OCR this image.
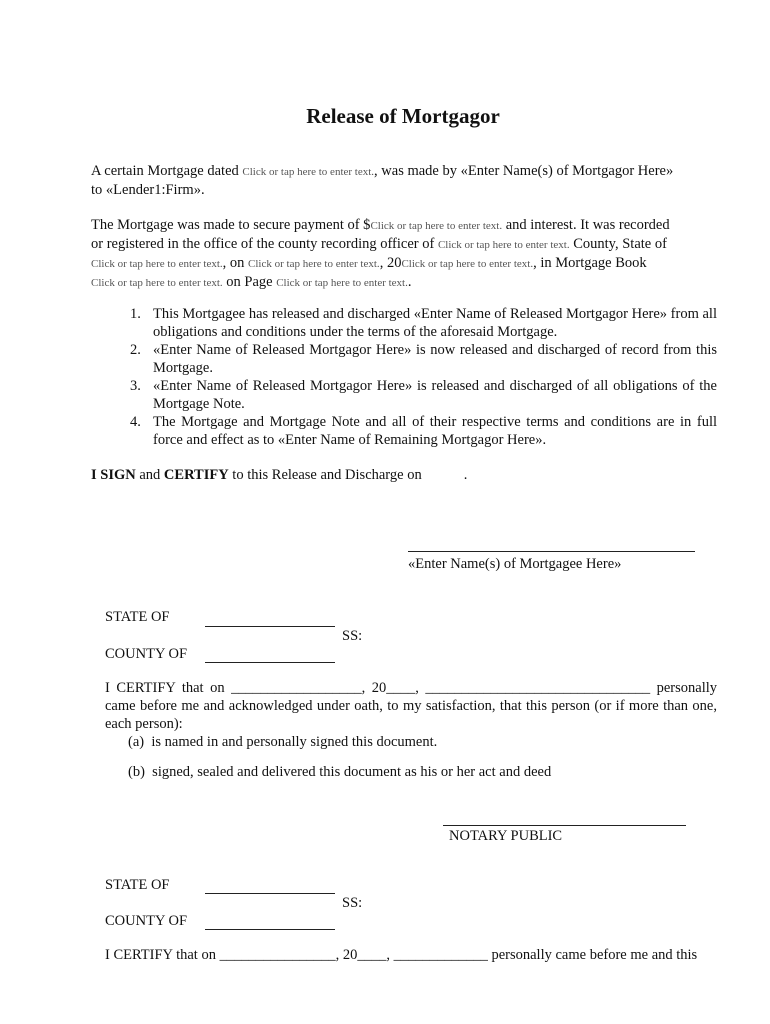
Release of Mortgagor
A certain Mortgage dated Click or tap here to enter text., was made by «Enter Name(s) of Mortgagor Here»
to «Lender1:Firm».
The Mortgage was made to secure payment of $Click or tap here to enter text. and interest. It was recorded
or registered in the office of the county recording officer of Click or tap here to enter text. County, State of
Click or tap here to enter text., on Click or tap here to enter text., 20Click or tap here to enter text., in Mortgage Book
Click or tap here to enter text. on Page Click or tap here to enter text..
1. This Mortgagee has released and discharged «Enter Name of Released Mortgagor Here» from all obligations and conditions under the terms of the aforesaid Mortgage.
2. «Enter Name of Released Mortgagor Here» is now released and discharged of record from this Mortgage.
3. «Enter Name of Released Mortgagor Here» is released and discharged of all obligations of the Mortgage Note.
4. The Mortgage and Mortgage Note and all of their respective terms and conditions are in full force and effect as to «Enter Name of Remaining Mortgagor Here».
I SIGN and CERTIFY to this Release and Discharge on	.
«Enter Name(s) of Mortgagee Here»
STATE OF
SS:
COUNTY OF
I CERTIFY that on __________________, 20____, _______________________________ personally came before me and acknowledged under oath, to my satisfaction, that this person (or if more than one, each person):
(a) is named in and personally signed this document.
(b) signed, sealed and delivered this document as his or her act and deed
NOTARY PUBLIC
STATE OF
SS:
COUNTY OF
I CERTIFY that on ________________, 20____, _____________ personally came before me and this
